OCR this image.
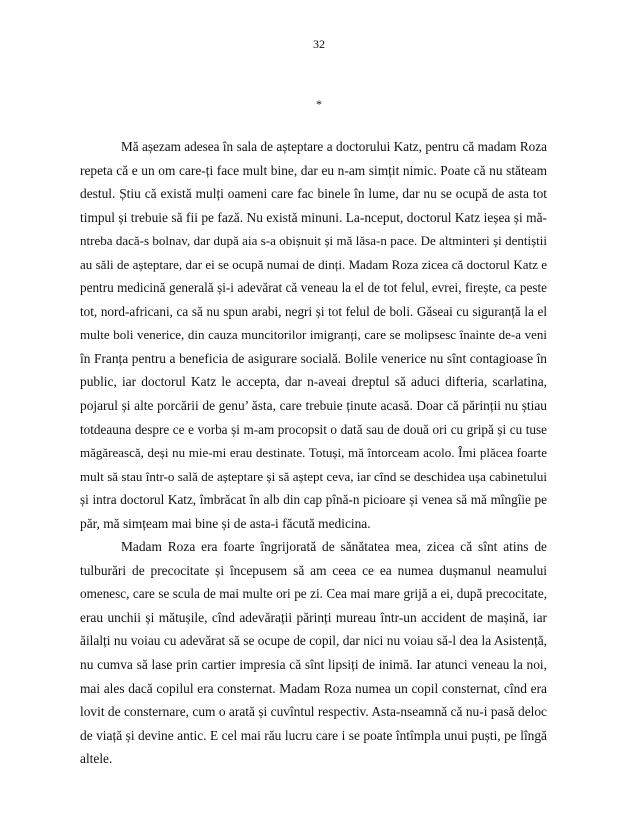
32
*
Mă așezam adesea în sala de așteptare a doctorului Katz, pentru că madam Roza
repeta că e un om care-ți face mult bine, dar eu n-am simțit nimic. Poate că nu stăteam
destul. Știu că există mulți oameni care fac binele în lume, dar nu se ocupă de asta tot
timpul și trebuie să fii pe fază. Nu există minuni. La-nceput, doctorul Katz ieșea și mă-
ntreba dacă-s bolnav, dar după aia s-a obișnuit și mă lăsa-n pace. De altminteri și dentiștii
au săli de așteptare, dar ei se ocupă numai de dinți. Madam Roza zicea că doctorul Katz e
pentru medicină generală și-i adevărat că veneau la el de tot felul, evrei, firește, ca peste
tot, nord-africani, ca să nu spun arabi, negri și tot felul de boli. Găseai cu siguranță la el
multe boli venerice, din cauza muncitorilor imigranți, care se molipsesc înainte de-a veni
în Franța pentru a beneficia de asigurare socială. Bolile venerice nu sînt contagioase în
public, iar doctorul Katz le accepta, dar n-aveai dreptul să aduci difteria, scarlatina,
pojarul și alte porcării de genu’ ăsta, care trebuie ținute acasă. Doar că părinții nu știau
totdeauna despre ce e vorba și m-am procopsit o dată sau de două ori cu gripă și cu tuse
măgărească, deși nu mie-mi erau destinate. Totuși, mă întorceam acolo. Îmi plăcea foarte
mult să stau într-o sală de așteptare și să aștept ceva, iar cînd se deschidea ușa cabinetului
și intra doctorul Katz, îmbrăcat în alb din cap pînă-n picioare și venea să mă mîngîie pe
păr, mă simțeam mai bine și de asta-i făcută medicina.
Madam Roza era foarte îngrijorată de sănătatea mea, zicea că sînt atins de
tulburări de precocitate și începusem să am ceea ce ea numea dușmanul neamului
omenesc, care se scula de mai multe ori pe zi. Cea mai mare grijă a ei, după precocitate,
erau unchii și mătușile, cînd adevărații părinți mureau într-un accident de mașină, iar
ăilalți nu voiau cu adevărat să se ocupe de copil, dar nici nu voiau să-l dea la Asistență,
nu cumva să lase prin cartier impresia că sînt lipsiți de inimă. Iar atunci veneau la noi,
mai ales dacă copilul era consternat. Madam Roza numea un copil consternat, cînd era
lovit de consternare, cum o arată și cuvîntul respectiv. Asta-nseamnă că nu-i pasă deloc
de viață și devine antic. E cel mai rău lucru care i se poate întîmpla unui puști, pe lîngă
altele.
